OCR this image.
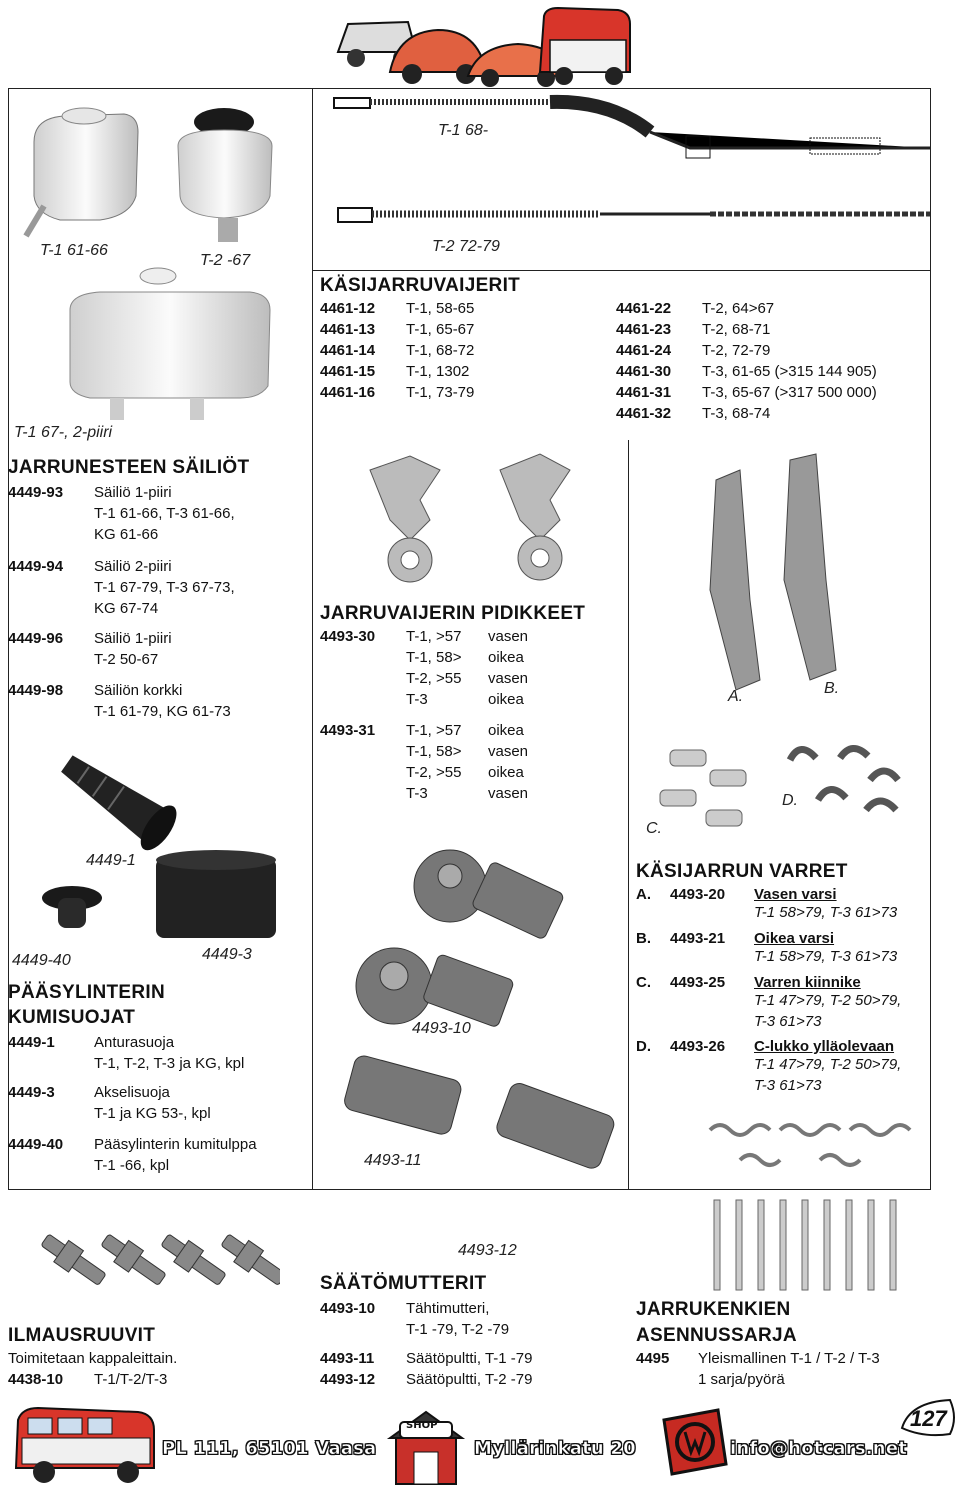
T-1 61-66
T-2 -67
T-1 67-, 2-piiri
JARRUNESTEEN SÄILIÖT
4449-93	Säiliö 1-piiri
T-1 61-66, T-3 61-66,
KG 61-66
4449-94	Säiliö 2-piiri
T-1 67-79, T-3 67-73,
KG 67-74
4449-96	Säiliö 1-piiri
T-2 50-67
4449-98	Säiliön korkki
T-1 61-79, KG 61-73
4449-1
4449-40	4449-3
PÄÄSYLINTERIN
KUMISUOJAT
4449-1	Anturasuoja
T-1, T-2, T-3 ja KG, kpl
4449-3	Akselisuoja
T-1 ja KG 53-, kpl
4449-40	Pääsylinterin kumitulppa
T-1 -66, kpl
T-1 68-
T-2 72-79
KÄSIJARRUVAIJERIT
4461-12 T-1, 58-65
4461-13 T-1, 65-67
4461-14 T-1, 68-72
4461-15 T-1, 1302
4461-16 T-1, 73-79
4461-22 T-2, 64>67
4461-23 T-2, 68-71
4461-24 T-2, 72-79
4461-30 T-3, 61-65 (>315 144 905)
4461-31 T-3, 65-67 (>317 500 000)
4461-32 T-3, 68-74
JARRUVAIJERIN PIDIKKEET
4493-30	T-1, >57 vasen
T-1, 58> oikea
T-2, >55 vasen
T-3	oikea
4493-31	T-1, >57 oikea
T-1, 58> vasen
T-2, >55 oikea
T-3	vasen
A.	B.
C.
D.
KÄSIJARRUN VARRET
A. 4493-20 Vasen varsi
T-1 58>79, T-3 61>73
B. 4493-21 Oikea varsi
T-1 58>79, T-3 61>73
C. 4493-25 Varren kiinnike
T-1 47>79, T-2 50>79,
T-3 61>73
D. 4493-26 C-lukko ylläolevaan
T-1 47>79, T-2 50>79,
T-3 61>73
4493-10
4493-11
4493-12
SÄÄTÖMUTTERIT
4493-10	Tähtimutteri,
T-1 -79, T-2 -79
4493-11	Säätöpultti, T-1 -79
4493-12	Säätöpultti, T-2 -79
ILMAUSRUUVIT
Toimitetaan kappaleittain.
4438-10 T-1/T-2/T-3
JARRUKENKIEN
ASENNUSSARJA
4495 Yleismallinen T-1 / T-2 / T-3
1 sarja/pyörä
PL 111, 65101 Vaasa
SHOP
Myllärinkatu 20	info@hotcars.net
127
